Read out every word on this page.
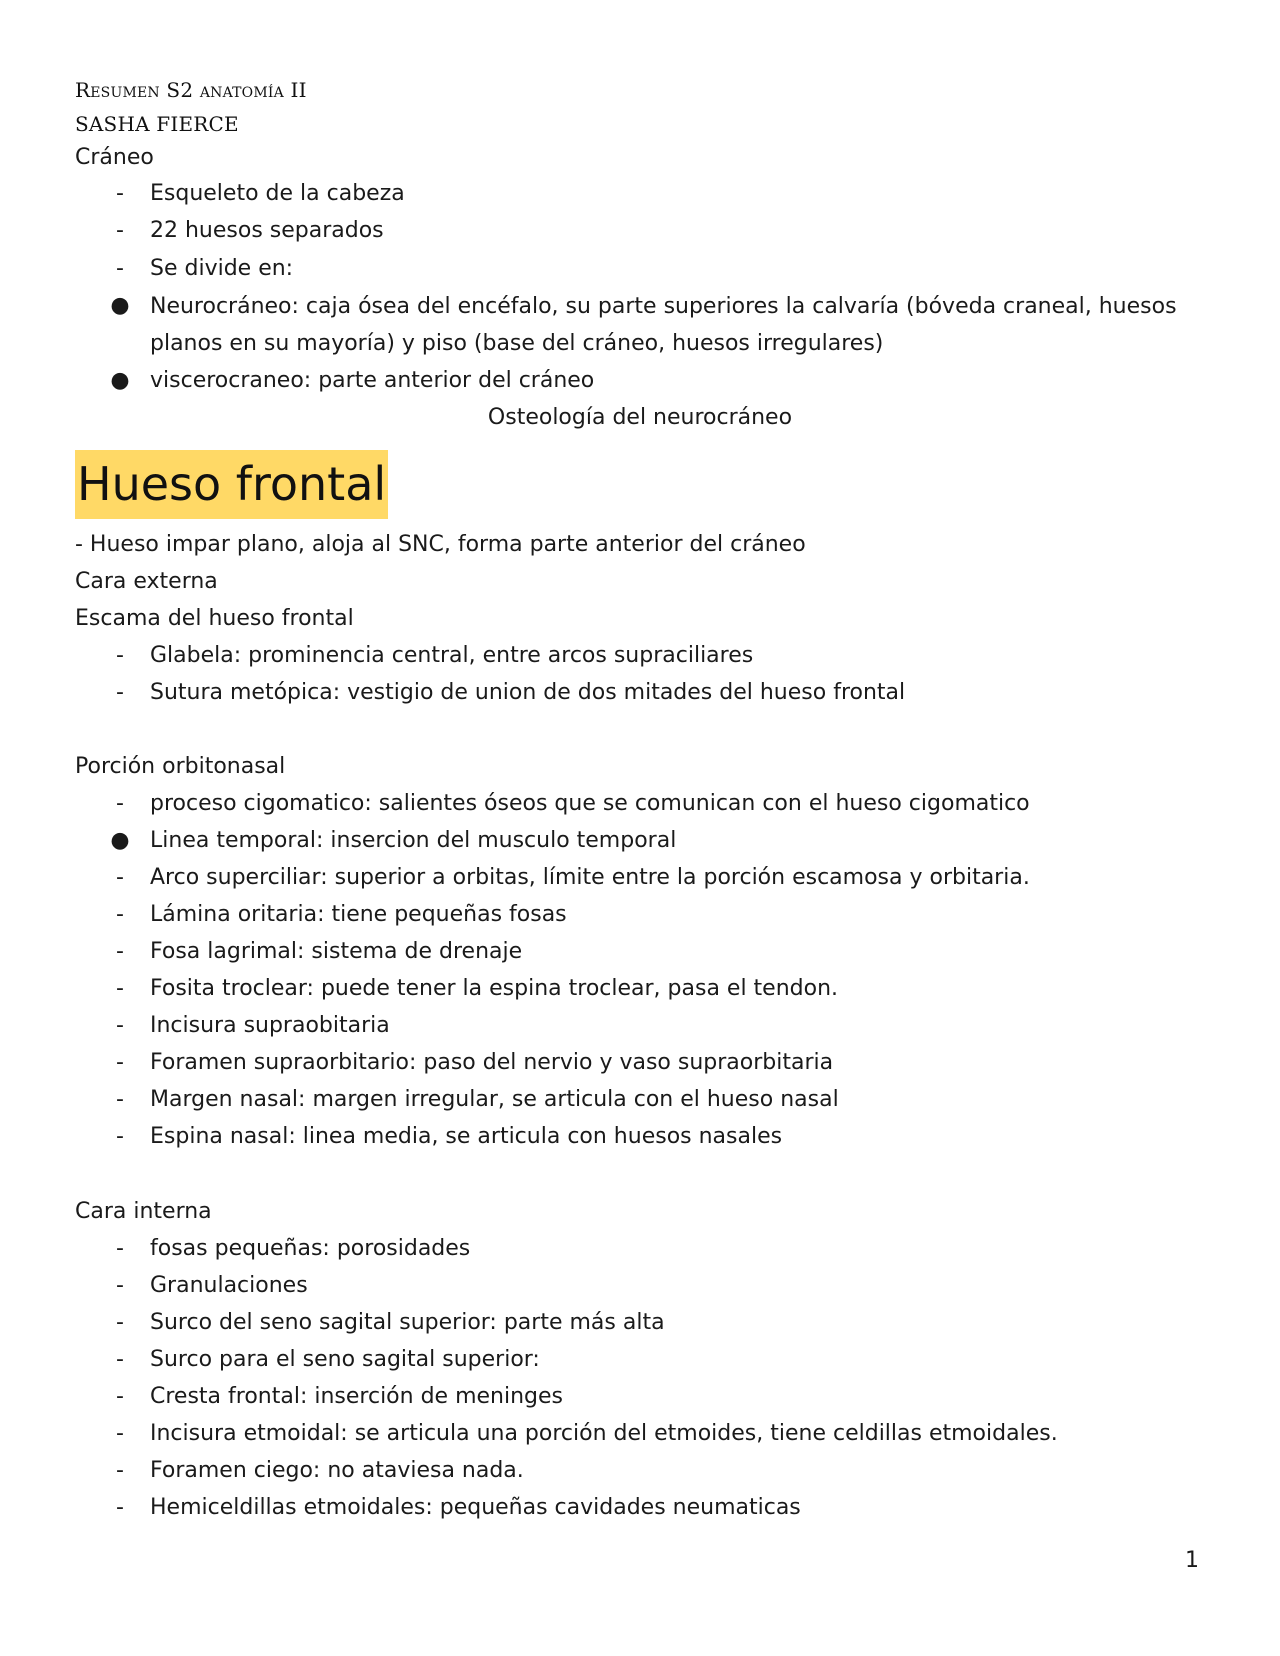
Resumen S2 anatomía II
SASHA FIERCE
Cráneo
- Esqueleto de la cabeza
- 22 huesos separados
- Se divide en:
● Neurocráneo: caja ósea del encéfalo, su parte superiores la calvaría (bóveda craneal, huesos planos en su mayoría) y piso (base del cráneo, huesos irregulares)
● viscerocraneo: parte anterior del cráneo
Osteología del neurocráneo
Hueso frontal
- Hueso impar plano, aloja al SNC, forma parte anterior del cráneo
Cara externa
Escama del hueso frontal
- Glabela: prominencia central, entre arcos supraciliares
- Sutura metópica: vestigio de union de dos mitades del hueso frontal
Porción orbitonasal
- proceso cigomatico: salientes óseos que se comunican con el hueso cigomatico
● Linea temporal: insercion del musculo temporal
- Arco superciliar: superior a orbitas, límite entre la porción escamosa y orbitaria.
- Lámina oritaria: tiene pequeñas fosas
- Fosa lagrimal: sistema de drenaje
- Fosita troclear: puede tener la espina troclear, pasa el tendon.
- Incisura supraobitaria
- Foramen supraorbitario: paso del nervio y vaso supraorbitaria
- Margen nasal: margen irregular, se articula con el hueso nasal
- Espina nasal: linea media, se articula con huesos nasales
Cara interna
- fosas pequeñas: porosidades
- Granulaciones
- Surco del seno sagital superior: parte más alta
- Surco para el seno sagital superior:
- Cresta frontal: inserción de meninges
- Incisura etmoidal: se articula una porción del etmoides, tiene celdillas etmoidales.
- Foramen ciego: no ataviesa nada.
- Hemiceldillas etmoidales: pequeñas cavidades neumaticas
1
